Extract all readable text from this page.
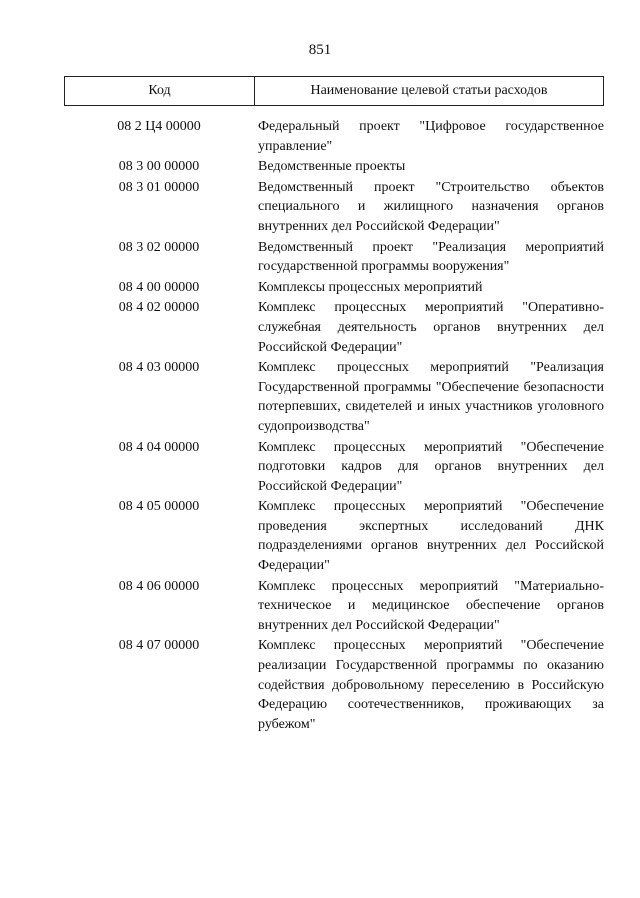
851
Код	Наименование целевой статьи расходов
08 2 Ц4 00000	Федеральный проект "Цифровое государственное управление"
08 3 00 00000	Ведомственные проекты
08 3 01 00000	Ведомственный проект "Строительство объектов специального и жилищного назначения органов внутренних дел Российской Федерации"
08 3 02 00000	Ведомственный проект "Реализация мероприятий государственной программы вооружения"
08 4 00 00000	Комплексы процессных мероприятий
08 4 02 00000	Комплекс процессных мероприятий "Оперативно-служебная деятельность органов внутренних дел Российской Федерации"
08 4 03 00000	Комплекс процессных мероприятий "Реализация Государственной программы "Обеспечение безопасности потерпевших, свидетелей и иных участников уголовного судопроизводства"
08 4 04 00000	Комплекс процессных мероприятий "Обеспечение подготовки кадров для органов внутренних дел Российской Федерации"
08 4 05 00000	Комплекс процессных мероприятий "Обеспечение проведения экспертных исследований ДНК подразделениями органов внутренних дел Российской Федерации"
08 4 06 00000	Комплекс процессных мероприятий "Материально-техническое и медицинское обеспечение органов внутренних дел Российской Федерации"
08 4 07 00000	Комплекс процессных мероприятий "Обеспечение реализации Государственной программы по оказанию содействия добровольному переселению в Российскую Федерацию соотечественников, проживающих за рубежом"
